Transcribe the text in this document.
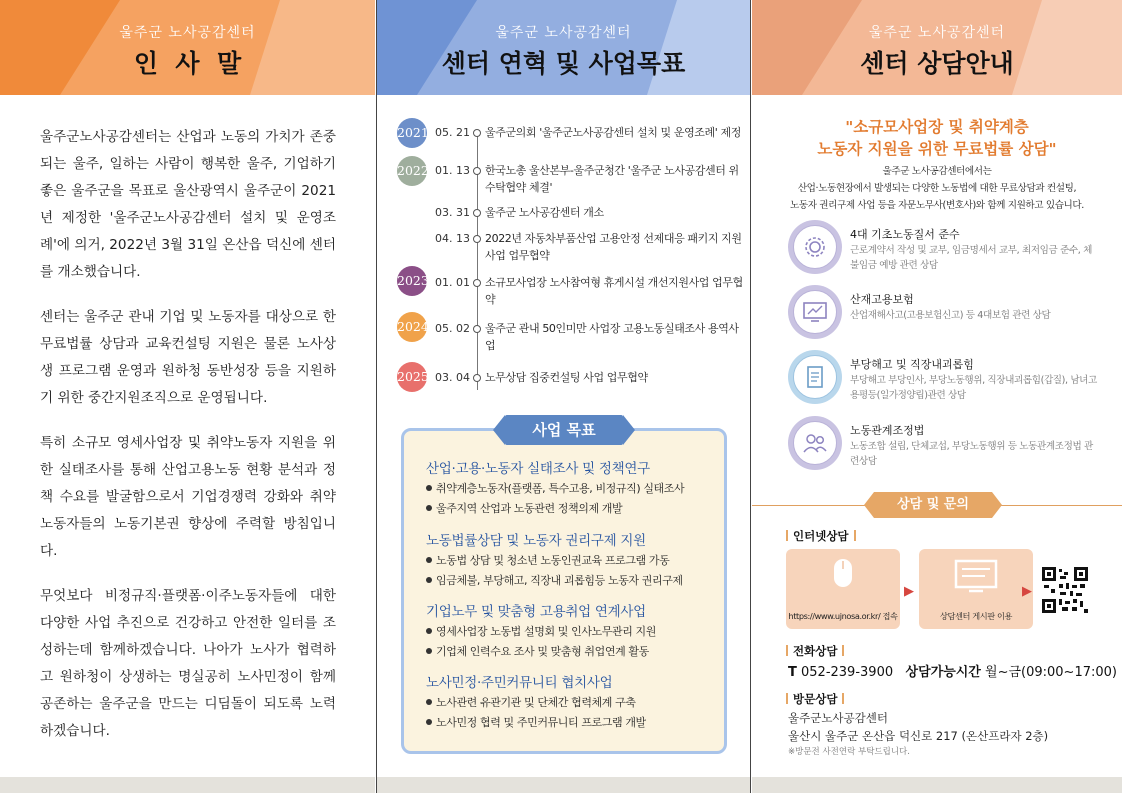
울주군 노사공감센터
인  사  말

울주군노사공감센터는 산업과 노동의 가치가 존중되는 울주, 일하는 사람이 행복한 울주, 기업하기 좋은 울주군을 목표로 울산광역시 울주군이 2021년 제정한 '울주군노사공감센터 설치 및 운영조례'에 의거, 2022년 3월 31일 온산읍 덕신에 센터를 개소했습니다.

센터는 울주군 관내 기업 및 노동자를 대상으로 한 무료법률 상담과 교육컨설팅 지원은 물론 노사상생 프로그램 운영과 원하청 동반성장 등을 지원하기 위한 중간지원조직으로 운영됩니다.

특히 소규모 영세사업장 및 취약노동자 지원을 위한 실태조사를 통해 산업고용노동 현황 분석과 정책 수요를 발굴함으로서 기업경쟁력 강화와 취약노동자들의 노동기본권 향상에 주력할 방침입니다.

무엇보다 비정규직·플랫폼·이주노동자들에 대한 다양한 사업 추진으로 건강하고 안전한 일터를 조성하는데 함께하겠습니다. 나아가 노사가 협력하고 원하청이 상생하는 명실공히 노사민정이 함께 공존하는 울주군을 만드는 디딤돌이 되도록 노력하겠습니다.

울주군 노사공감센터
센터 연혁 및 사업목표
2021 05. 21	울주군의회 '울주군노사공감센터 설치 및 운영조례' 제정
2022 01. 13	한국노총 울산본부-울주군청간 '울주군 노사공감센터 위수탁협약 체결'
03. 31	울주군 노사공감센터 개소
04. 13	2022년 자동차부품산업 고용안정 선제대응 패키지 지원사업 업무협약
2023 01. 01	소규모사업장 노사참여형 휴게시설 개선지원사업 업무협약
2024 05. 02	울주군 관내 50인미만 사업장 고용노동실태조사 용역사업
2025 03. 04	노무상담 집중컨설팅 사업 업무협약
사업 목표
산업·고용·노동자 실태조사 및 정책연구
취약계층노동자(플랫폼, 특수고용, 비정규직) 실태조사
울주지역 산업과 노동관련 정책의제 개발
노동법률상담 및 노동자 권리구제 지원
노동법 상담 및 청소년 노동인권교육 프로그램 가동
임금체불, 부당해고, 직장내 괴롭힘등 노동자 권리구제
기업노무 및 맞춤형 고용취업 연계사업
영세사업장 노동법 설명회 및 인사노무관리 지원
기업체 인력수요 조사 및 맞춤형 취업연계 활동
노사민정·주민커뮤니티 협치사업
노사관련 유관기관 및 단체간 협력체계 구축
노사민정 협력 및 주민커뮤니티 프로그램 개발
울주군 노사공감센터
센터 상담안내
"소규모사업장 및 취약계층
노동자 지원을 위한 무료법률 상담"
울주군 노사공감센터에서는
산업·노동현장에서 발생되는 다양한 노동법에 대한 무료상담과 컨설팅,
노동자 권리구제 사업 등을 자문노무사(변호사)와 함께 지원하고 있습니다.
4대 기초노동질서 준수
근로계약서 작성 및 교부, 임금명세서 교부, 최저임금 준수, 체불임금 예방 관련 상담
산재고용보험
산업재해사고(고용보험신고) 등 4대보험 관련 상담
부당해고 및 직장내괴롭힘
부당해고 부당인사, 부당노동행위, 직장내괴롭힘(갑질), 남녀고용평등(일가정양립)관련 상담
노동관계조정법
노동조합 설립, 단체교섭, 부당노동행위 등 노동관계조정법 관련상담
상담 및 문의
인터넷상담
https://www.ujnosa.or.kr/ 접속
▶
상담센터 게시판 이용
▶
전화상담
T 052-239-3900 상담가능시간 월~금(09:00~17:00)
방문상담
울주군노사공감센터
울산시 울주군 온산읍 덕신로 217 (온산프라자 2층)
※방문전 사전연락 부탁드립니다.
